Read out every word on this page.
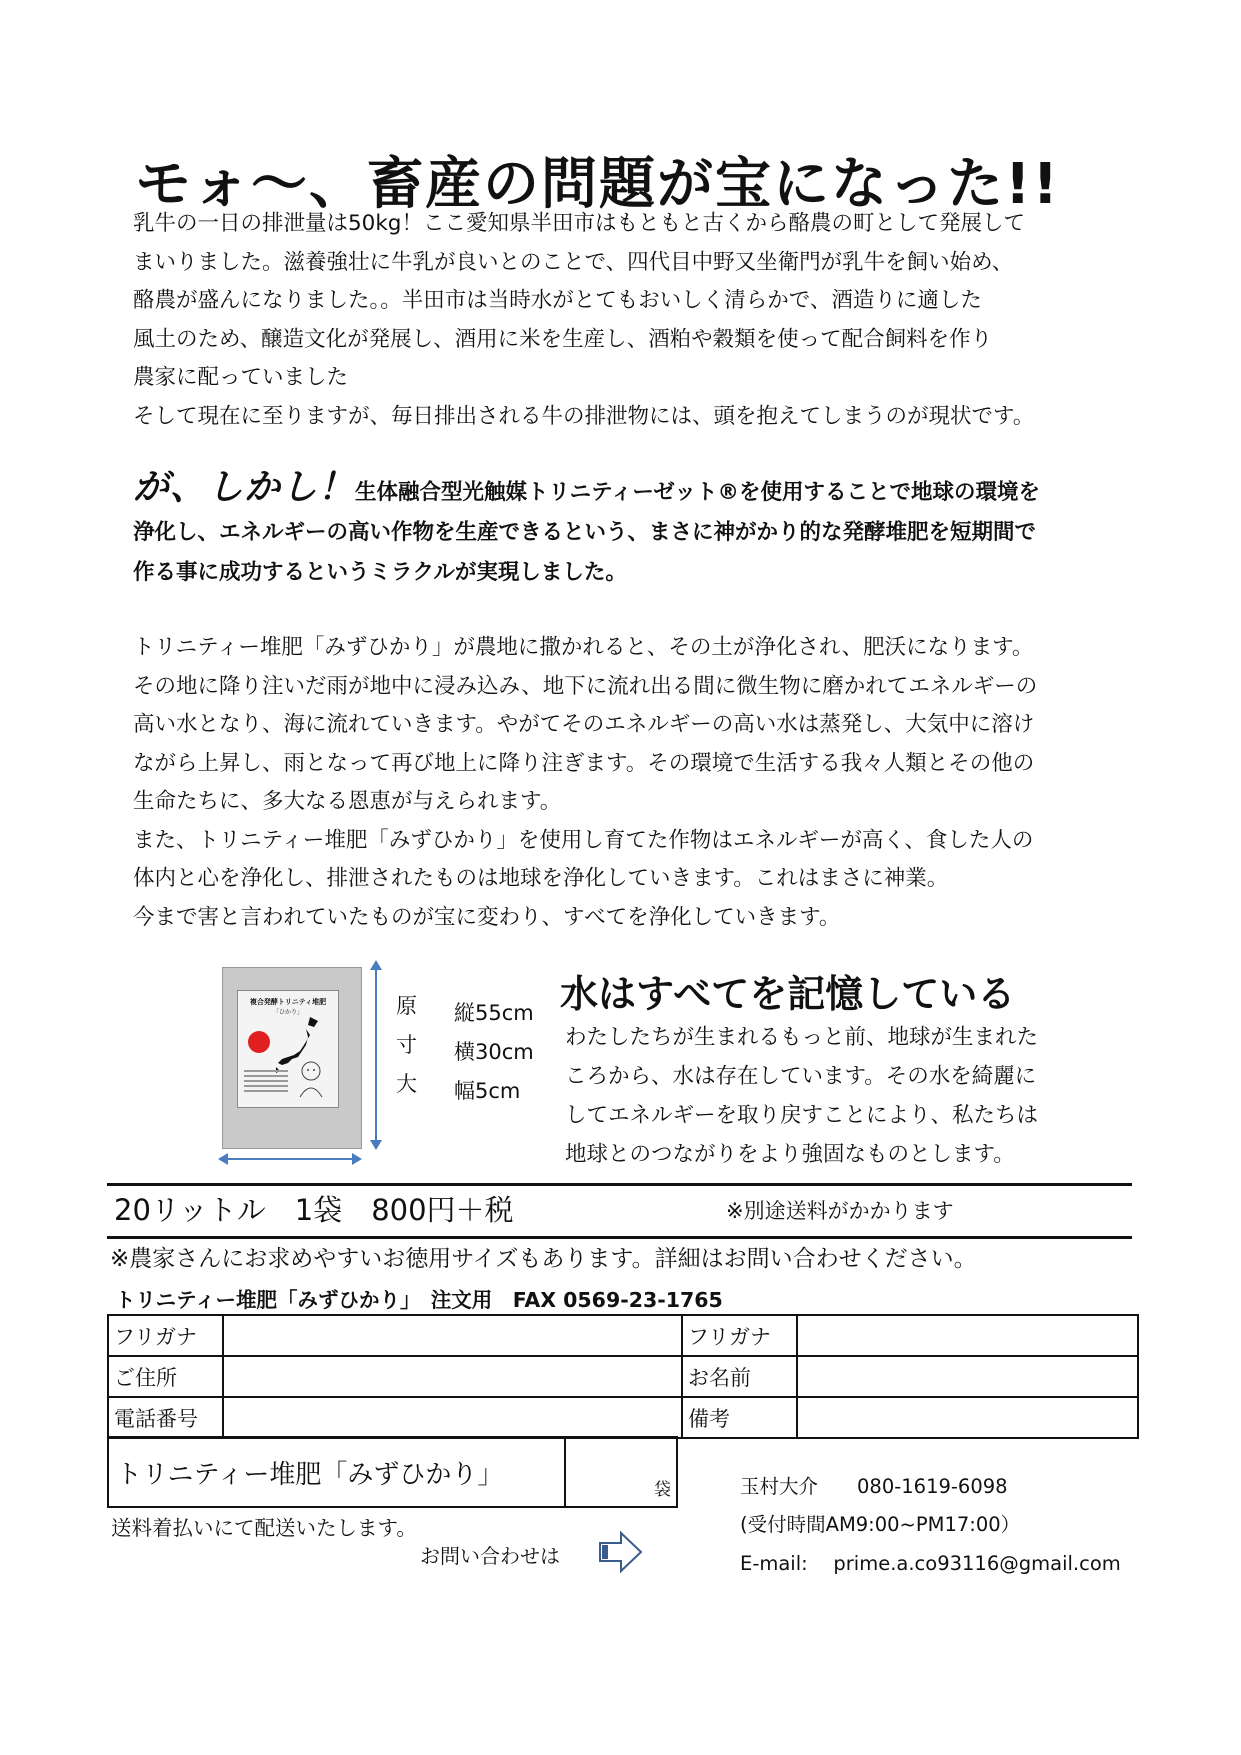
モォ～、畜産の問題が宝になった!!
乳牛の一日の排泄量は50kg！ここ愛知県半田市はもともと古くから酪農の町として発展して
まいりました。滋養強壮に牛乳が良いとのことで、四代目中野又坐衛門が乳牛を飼い始め、
酪農が盛んになりました。。半田市は当時水がとてもおいしく清らかで、酒造りに適した
風土のため、醸造文化が発展し、酒用に米を生産し、酒粕や穀類を使って配合飼料を作り
農家に配っていました
そして現在に至りますが、毎日排出される牛の排泄物には、頭を抱えてしまうのが現状です。
が、しかし！生体融合型光触媒トリニティーゼット®を使用することで地球の環境を
浄化し、エネルギーの高い作物を生産できるという、まさに神がかり的な発酵堆肥を短期間で
作る事に成功するというミラクルが実現しました。
トリニティー堆肥「みずひかり」が農地に撒かれると、その土が浄化され、肥沃になります。
その地に降り注いだ雨が地中に浸み込み、地下に流れ出る間に微生物に磨かれてエネルギーの
高い水となり、海に流れていきます。やがてそのエネルギーの高い水は蒸発し、大気中に溶け
ながら上昇し、雨となって再び地上に降り注ぎます。その環境で生活する我々人類とその他の
生命たちに、多大なる恩恵が与えられます。
また、トリニティー堆肥「みずひかり」を使用し育てた作物はエネルギーが高く、食した人の
体内と心を浄化し、排泄されたものは地球を浄化していきます。これはまさに神業。
今まで害と言われていたものが宝に変わり、すべてを浄化していきます。
複合発酵トリニティ堆肥
「ひかり」	原
寸
大
縦55cm
横30cm
幅5cm
水はすべてを記憶している
わたしたちが生まれるもっと前、地球が生まれた
ころから、水は存在しています。その水を綺麗に
してエネルギーを取り戻すことにより、私たちは
地球とのつながりをより強固なものとします。
20リットル　1袋　800円＋税	※別途送料がかかります
※農家さんにお求めやすいお徳用サイズもあります。詳細はお問い合わせください。
トリニティー堆肥「みずひかり」　注文用　FAX 0569-23-1765
フリガナ		フリガナ	
ご住所		お名前	
電話番号		備考	
トリニティー堆肥「みずひかり」	袋
送料着払いにて配送いたします。
お問い合わせは
玉村大介　　080-1619-6098
(受付時間AM9:00~PM17:00）
E-mail:　 prime.a.co93116@gmail.com
